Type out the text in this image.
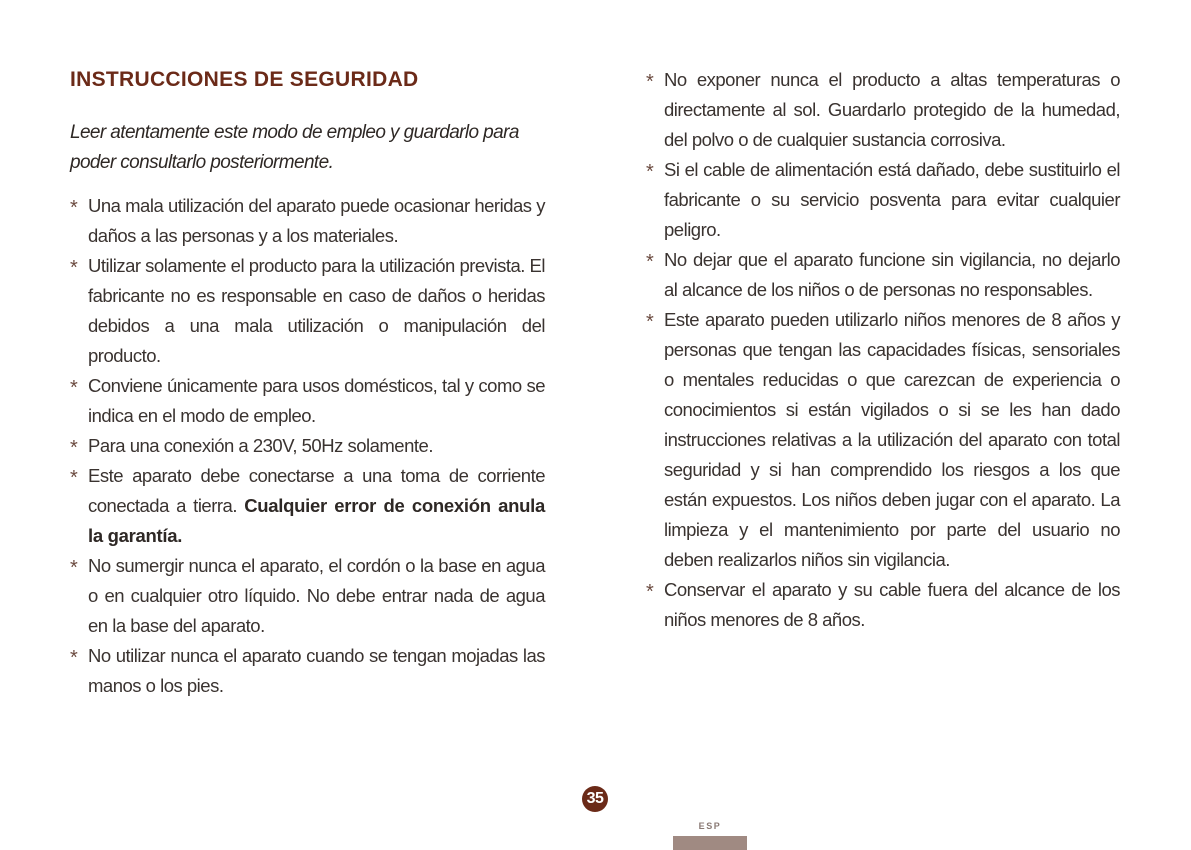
INSTRUCCIONES DE SEGURIDAD

Leer atentamente este modo de empleo y guardarlo para poder consultarlo posteriormente.

* Una mala utilización del aparato puede ocasionar heridas y daños a las personas y a los materiales.
* Utilizar solamente el producto para la utilización prevista. El fabricante no es responsable en caso de daños o heridas debidos a una mala utilización o manipulación del producto.
* Conviene únicamente para usos domésticos, tal y como se indica en el modo de empleo.
* Para una conexión a 230V, 50Hz solamente.
* Este aparato debe conectarse a una toma de corriente conectada a tierra. Cualquier error de conexión anula la garantía.
* No sumergir nunca el aparato, el cordón o la base en agua o en cualquier otro líquido. No debe entrar nada de agua en la base del aparato.
* No utilizar nunca el aparato cuando se tengan mojadas las manos o los pies.
* No exponer nunca el producto a altas temperaturas o directamente al sol. Guardarlo protegido de la humedad, del polvo o de cualquier sustancia corrosiva.
* Si el cable de alimentación está dañado, debe sustituirlo el fabricante o su servicio posventa para evitar cualquier peligro.
* No dejar que el aparato funcione sin vigilancia, no dejarlo al alcance de los niños o de personas no responsables.
* Este aparato pueden utilizarlo niños menores de 8 años y personas que tengan las capacidades físicas, sensoriales o mentales reducidas o que carezcan de experiencia o conocimientos si están vigilados o si se les han dado instrucciones relativas a la utilización del aparato con total seguridad y si han comprendido los riesgos a los que están expuestos. Los niños deben jugar con el aparato. La limpieza y el mantenimiento por parte del usuario no deben realizarlos niños sin vigilancia.
* Conservar el aparato y su cable fuera del alcance de los niños menores de 8 años.
35
ESP
